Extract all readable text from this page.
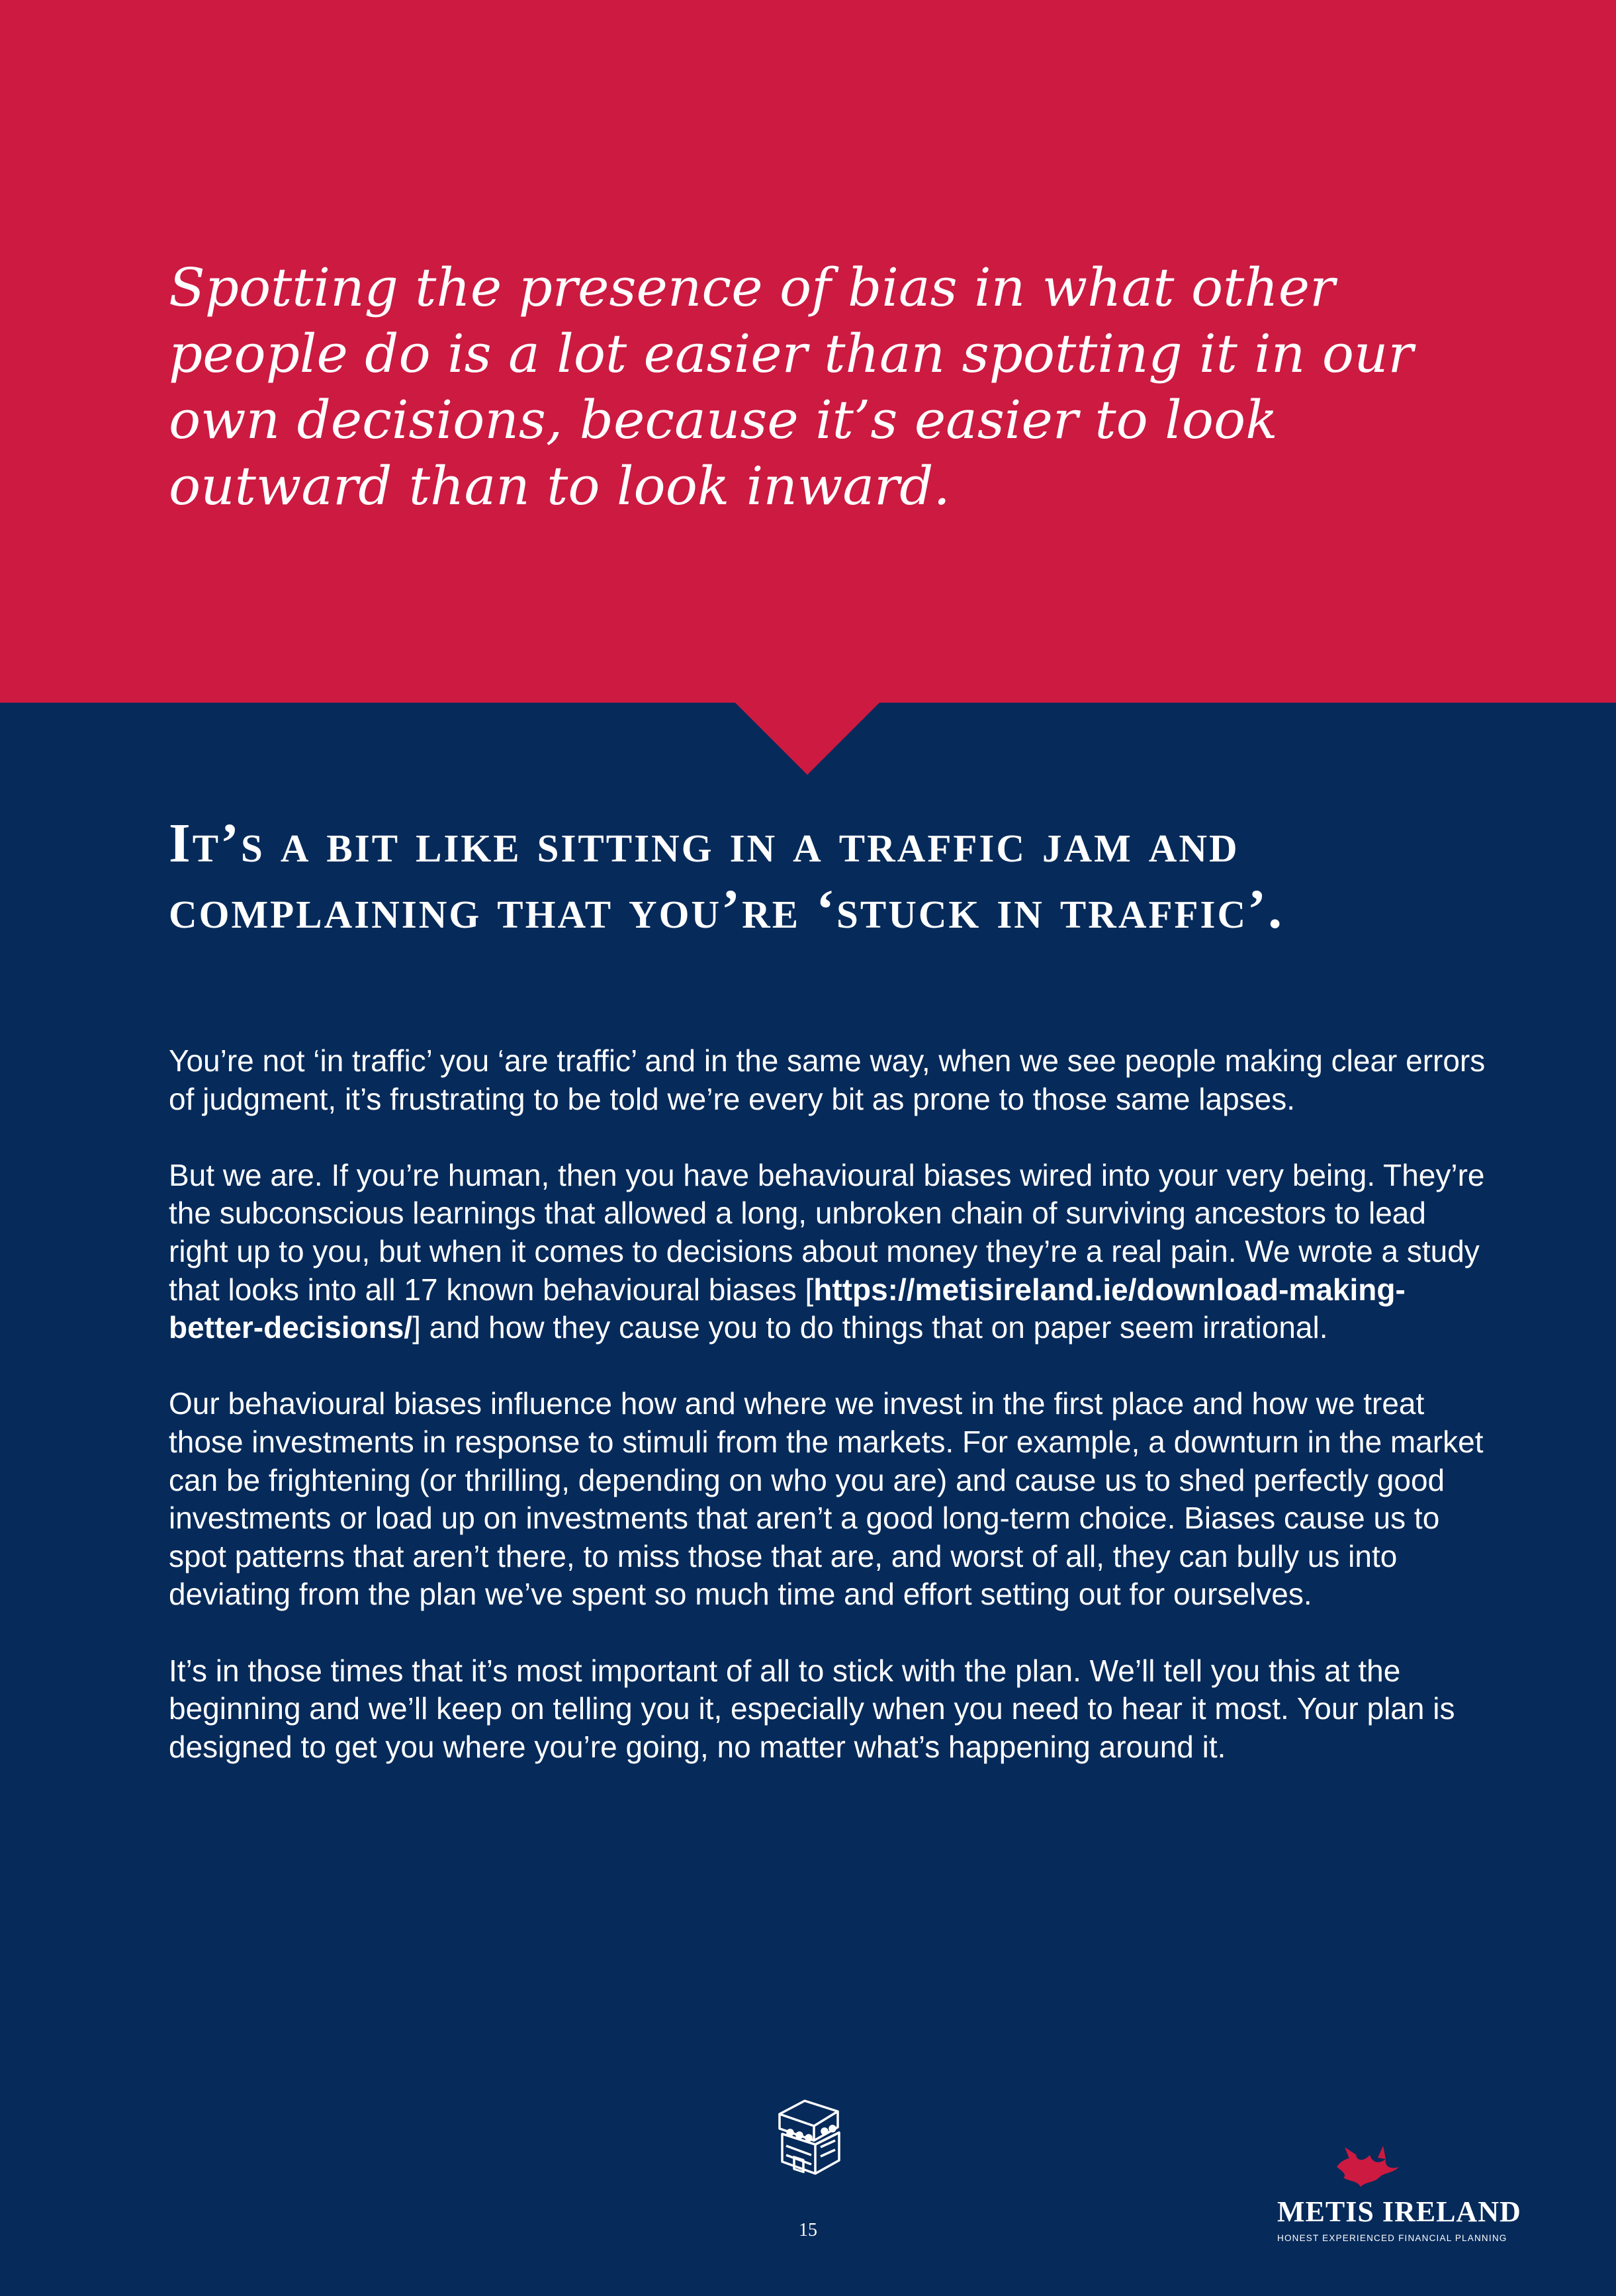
Spotting the presence of bias in what other people do is a lot easier than spotting it in our own decisions, because it’s easier to look outward than to look inward.

It’s a bit like sitting in a traffic jam and complaining that you’re ‘stuck in traffic’.

You’re not ‘in traffic’ you ‘are traffic’ and in the same way, when we see people making clear errors of judgment, it’s frustrating to be told we’re every bit as prone to those same lapses.

But we are. If you’re human, then you have behavioural biases wired into your very being. They’re the subconscious learnings that allowed a long, unbroken chain of surviving ancestors to lead right up to you, but when it comes to decisions about money they’re a real pain. We wrote a study that looks into all 17 known behavioural biases [https://metisireland.ie/download-making-better-decisions/] and how they cause you to do things that on paper seem irrational.

Our behavioural biases influence how and where we invest in the first place and how we treat those investments in response to stimuli from the markets. For example, a downturn in the market can be frightening (or thrilling, depending on who you are) and cause us to shed perfectly good investments or load up on investments that aren’t a good long-term choice. Biases cause us to spot patterns that aren’t there, to miss those that are, and worst of all, they can bully us into deviating from the plan we’ve spent so much time and effort setting out for ourselves.

It’s in those times that it’s most important of all to stick with the plan. We’ll tell you this at the beginning and we’ll keep on telling you it, especially when you need to hear it most. Your plan is designed to get you where you’re going, no matter what’s happening around it.

15
METIS IRELAND
HONEST EXPERIENCED FINANCIAL PLANNING
